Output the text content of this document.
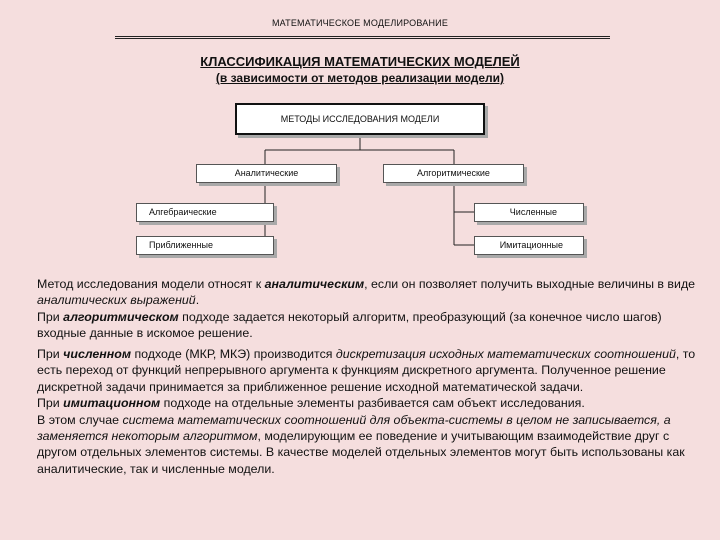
МАТЕМАТИЧЕСКОЕ МОДЕЛИРОВАНИЕ
КЛАССИФИКАЦИЯ МАТЕМАТИЧЕСКИХ МОДЕЛЕЙ
(в зависимости от методов реализации модели)
МЕТОДЫ ИССЛЕДОВАНИЯ МОДЕЛИ
Аналитические	Алгоритмические
Алгебраические
Приближенные
Численные
Имитационные

Метод исследования модели относят к аналитическим, если он позволяет получить выходные величины в виде аналитических выражений.

При алгоритмическом подходе задается некоторый алгоритм, преобразующий (за конечное число шагов) входные данные в искомое решение.

При численном подходе (МКР, МКЭ) производится дискретизация исходных математических соотношений, то есть переход от функций непрерывного аргумента к функциям дискретного аргумента. Полученное решение дискретной задачи принимается за приближенное решение исходной математической задачи.

При имитационном подходе на отдельные элементы разбивается сам объект исследования.

В этом случае система математических соотношений для объекта-системы в целом не записывается, а заменяется некоторым алгоритмом, моделирующим ее поведение и учитывающим взаимодействие друг с другом отдельных элементов системы. В качестве моделей отдельных элементов могут быть использованы как аналитические, так и численные модели.
